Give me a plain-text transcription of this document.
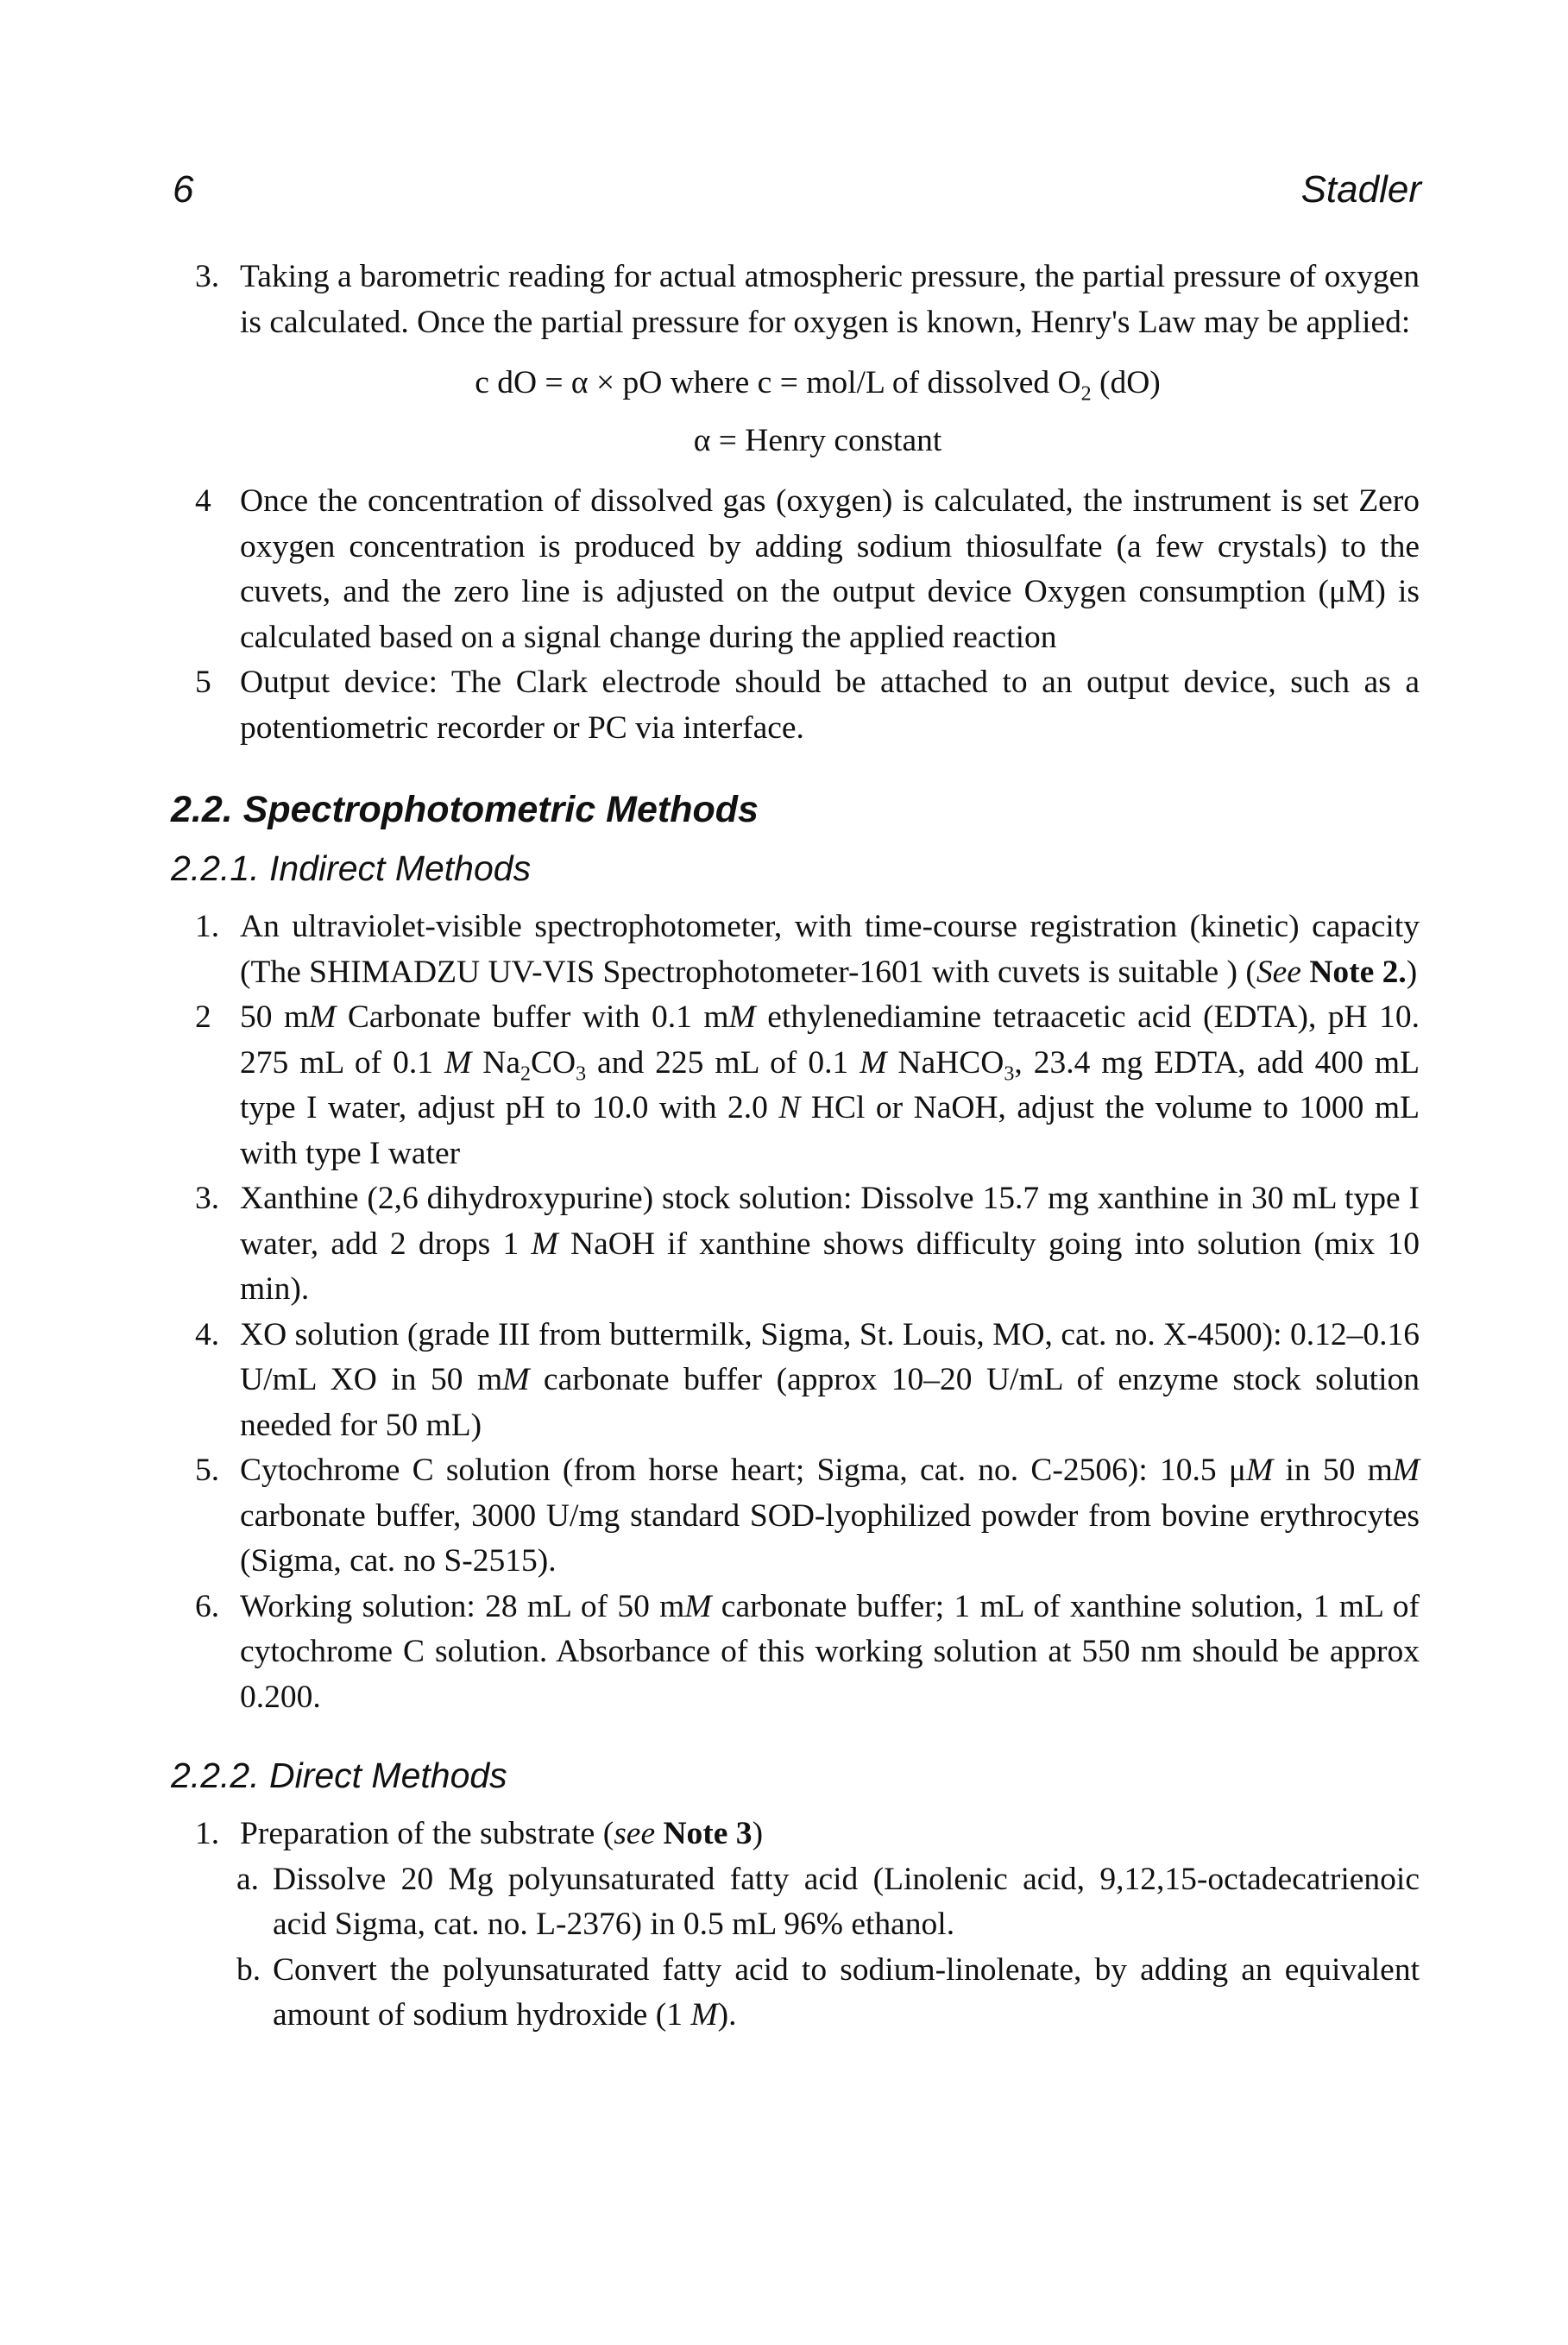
6	Stadler
3. Taking a barometric reading for actual atmospheric pressure, the partial pressure of oxygen is calculated. Once the partial pressure for oxygen is known, Henry's Law may be applied:
c dO = α × pO where c = mol/L of dissolved $O_2$ (dO)
α = Henry constant
4 Once the concentration of dissolved gas (oxygen) is calculated, the instrument is set Zero oxygen concentration is produced by adding sodium thiosulfate (a few crystals) to the cuvets, and the zero line is adjusted on the output device Oxygen consumption (μM) is calculated based on a signal change during the applied reaction
5 Output device: The Clark electrode should be attached to an output device, such as a potentiometric recorder or PC via interface.
2.2. Spectrophotometric Methods
2.2.1. Indirect Methods
1. An ultraviolet-visible spectrophotometer, with time-course registration (kinetic) capacity (The SHIMADZU UV-VIS Spectrophotometer-1601 with cuvets is suitable ) (See Note 2.)
2 50 mM Carbonate buffer with 0.1 mM ethylenediamine tetraacetic acid (EDTA), pH 10. 275 mL of 0.1 M $Na_2CO_3$ and 225 mL of 0.1 M NaHCO$_3$, 23.4 mg EDTA, add 400 mL type I water, adjust pH to 10.0 with 2.0 N HCl or NaOH, adjust the volume to 1000 mL with type I water
3. Xanthine (2,6 dihydroxypurine) stock solution: Dissolve 15.7 mg xanthine in 30 mL type I water, add 2 drops 1 M NaOH if xanthine shows difficulty going into solution (mix 10 min).
4. XO solution (grade III from buttermilk, Sigma, St. Louis, MO, cat. no. X-4500): 0.12–0.16 U/mL XO in 50 mM carbonate buffer (approx 10–20 U/mL of enzyme stock solution needed for 50 mL)
5. Cytochrome C solution (from horse heart; Sigma, cat. no. C-2506): 10.5 μM in 50 mM carbonate buffer, 3000 U/mg standard SOD-lyophilized powder from bovine erythrocytes (Sigma, cat. no S-2515).
6. Working solution: 28 mL of 50 mM carbonate buffer; 1 mL of xanthine solution, 1 mL of cytochrome C solution. Absorbance of this working solution at 550 nm should be approx 0.200.
2.2.2. Direct Methods
1. Preparation of the substrate (see Note 3)
a. Dissolve 20 Mg polyunsaturated fatty acid (Linolenic acid, 9,12,15-octadecatrienoic acid Sigma, cat. no. L-2376) in 0.5 mL 96% ethanol.
b. Convert the polyunsaturated fatty acid to sodium-linolenate, by adding an equivalent amount of sodium hydroxide (1 M).
